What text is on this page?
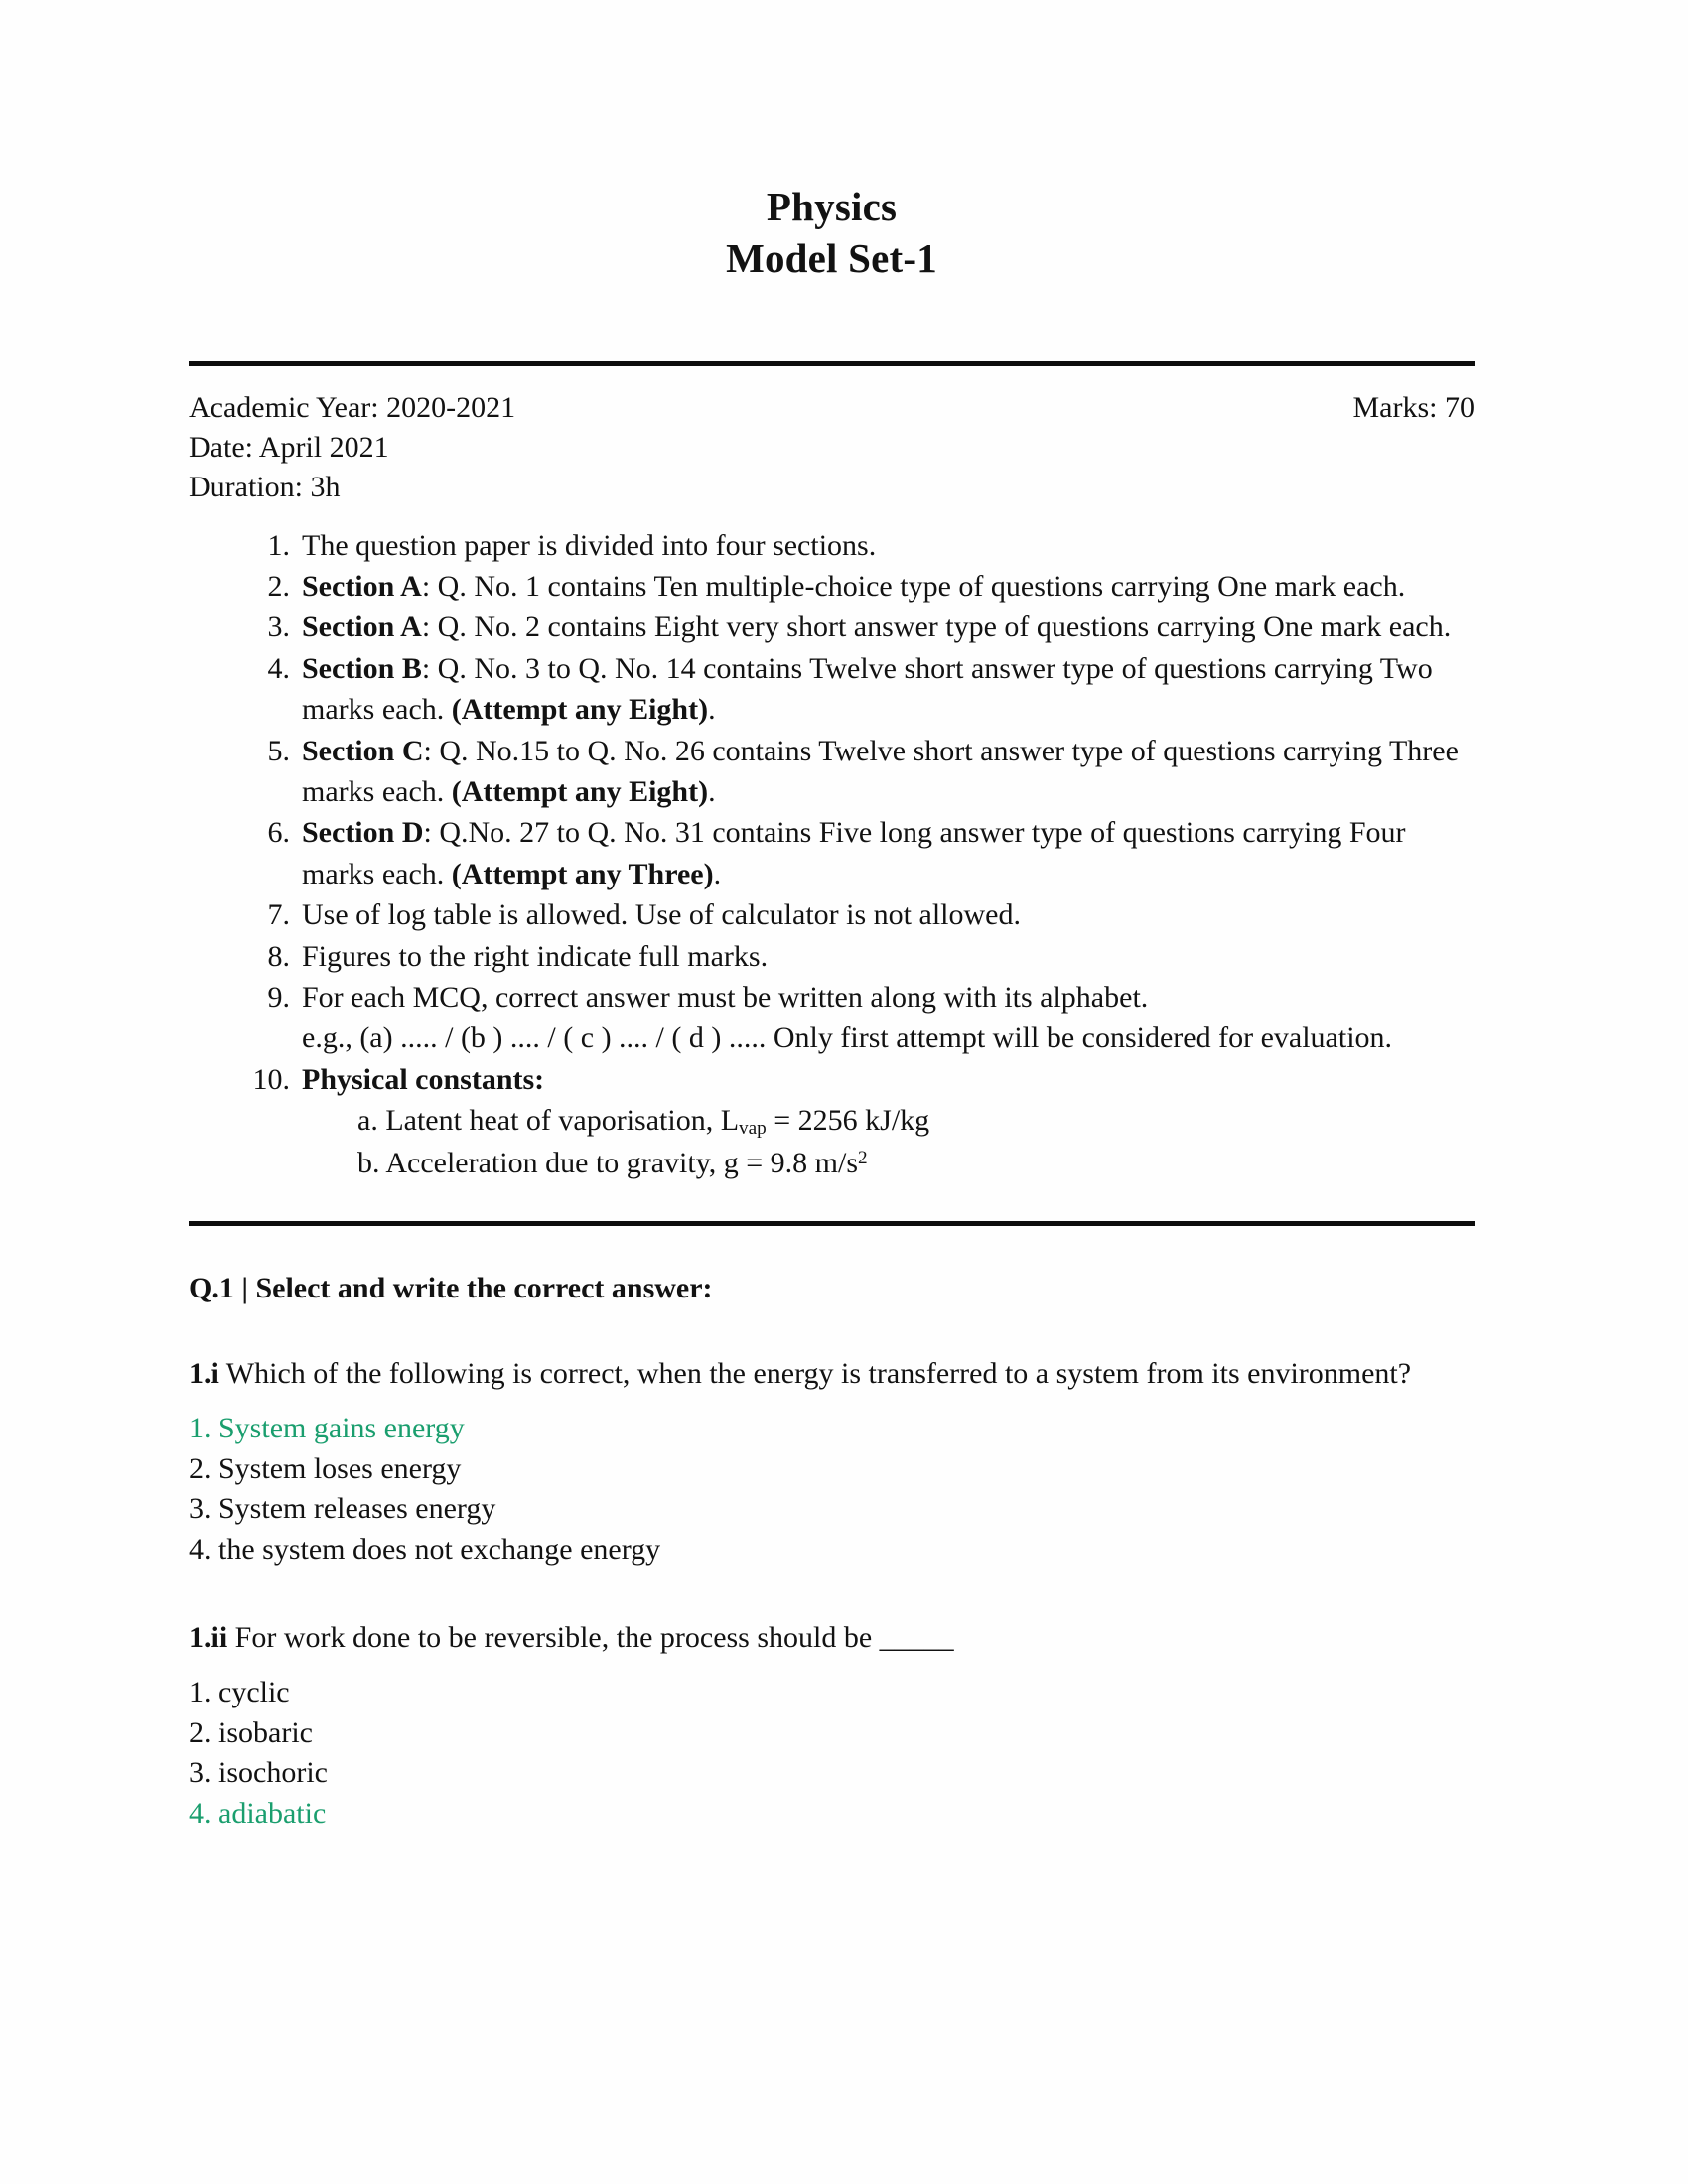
Physics
Model Set-1
Academic Year: 2020-2021	Marks: 70
Date: April 2021
Duration: 3h
1. The question paper is divided into four sections.
2. Section A: Q. No. 1 contains Ten multiple-choice type of questions carrying One mark each.
3. Section A: Q. No. 2 contains Eight very short answer type of questions carrying One mark each.
4. Section B: Q. No. 3 to Q. No. 14 contains Twelve short answer type of questions carrying Two marks each. (Attempt any Eight).
5. Section C: Q. No.15 to Q. No. 26 contains Twelve short answer type of questions carrying Three marks each. (Attempt any Eight).
6. Section D: Q.No. 27 to Q. No. 31 contains Five long answer type of questions carrying Four marks each. (Attempt any Three).
7. Use of log table is allowed. Use of calculator is not allowed.
8. Figures to the right indicate full marks.
9. For each MCQ, correct answer must be written along with its alphabet.
e.g., (a) ..... / (b ) .... / ( c ) .... / ( d ) ..... Only first attempt will be considered for evaluation.
10. Physical constants:
a. Latent heat of vaporisation, $L_{vap} = 2256$ kJ/kg
b. Acceleration due to gravity, g = 9.8 $m/s^2$
Q.1 | Select and write the correct answer:
1.i Which of the following is correct, when the energy is transferred to a system from its environment?
1. System gains energy
2. System loses energy
3. System releases energy
4. the system does not exchange energy
1.ii For work done to be reversible, the process should be _____
1. cyclic
2. isobaric
3. isochoric
4. adiabatic
